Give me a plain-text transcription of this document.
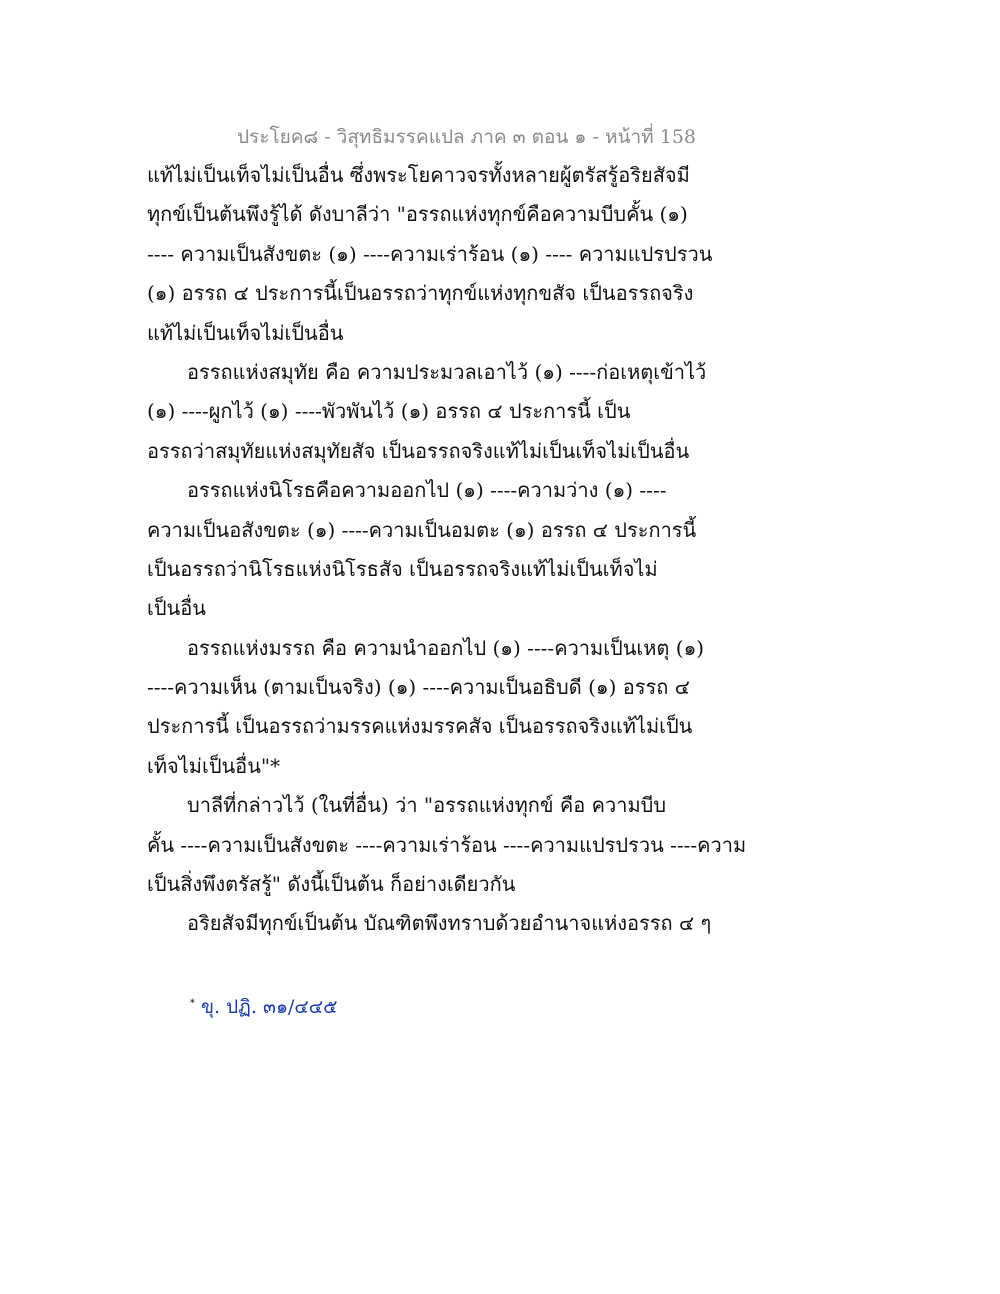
ประโยค๘ - วิสุทธิมรรคแปล ภาค ๓ ตอน ๑ - หน้าที่ 158
แท้ไม่เป็นเท็จไม่เป็นอื่น ซึ่งพระโยคาวจรทั้งหลายผู้ตรัสรู้อริยสัจมี
ทุกข์เป็นต้นพึงรู้ได้ ดังบาลีว่า "อรรถแห่งทุกข์คือความบีบคั้น (๑)
---- ความเป็นสังขตะ (๑) ----ความเร่าร้อน (๑) ---- ความแปรปรวน
(๑) อรรถ ๔ ประการนี้เป็นอรรถว่าทุกข์แห่งทุกขสัจ เป็นอรรถจริง
แท้ไม่เป็นเท็จไม่เป็นอื่น
อรรถแห่งสมุทัย คือ ความประมวลเอาไว้ (๑) ----ก่อเหตุเข้าไว้
(๑) ----ผูกไว้ (๑) ----พัวพันไว้ (๑) อรรถ ๔ ประการนี้ เป็น
อรรถว่าสมุทัยแห่งสมุทัยสัจ เป็นอรรถจริงแท้ไม่เป็นเท็จไม่เป็นอื่น
อรรถแห่งนิโรธคือความออกไป (๑) ----ความว่าง (๑) ----
ความเป็นอสังขตะ (๑) ----ความเป็นอมตะ (๑) อรรถ ๔ ประการนี้
เป็นอรรถว่านิโรธแห่งนิโรธสัจ เป็นอรรถจริงแท้ไม่เป็นเท็จไม่
เป็นอื่น
อรรถแห่งมรรถ คือ ความนำออกไป (๑) ----ความเป็นเหตุ (๑)
----ความเห็น (ตามเป็นจริง) (๑) ----ความเป็นอธิบดี (๑) อรรถ ๔
ประการนี้ เป็นอรรถว่ามรรคแห่งมรรคสัจ เป็นอรรถจริงแท้ไม่เป็น
เท็จไม่เป็นอื่น"*
บาลีที่กล่าวไว้ (ในที่อื่น) ว่า "อรรถแห่งทุกข์ คือ ความบีบ
คั้น ----ความเป็นสังขตะ ----ความเร่าร้อน ----ความแปรปรวน ----ความ
เป็นสิ่งพึงตรัสรู้" ดังนี้เป็นต้น ก็อย่างเดียวกัน
อริยสัจมีทุกข์เป็นต้น บัณฑิตพึงทราบด้วยอำนาจแห่งอรรถ ๔ ๆ
* ขุ. ปฏิ. ๓๑/๔๔๕
